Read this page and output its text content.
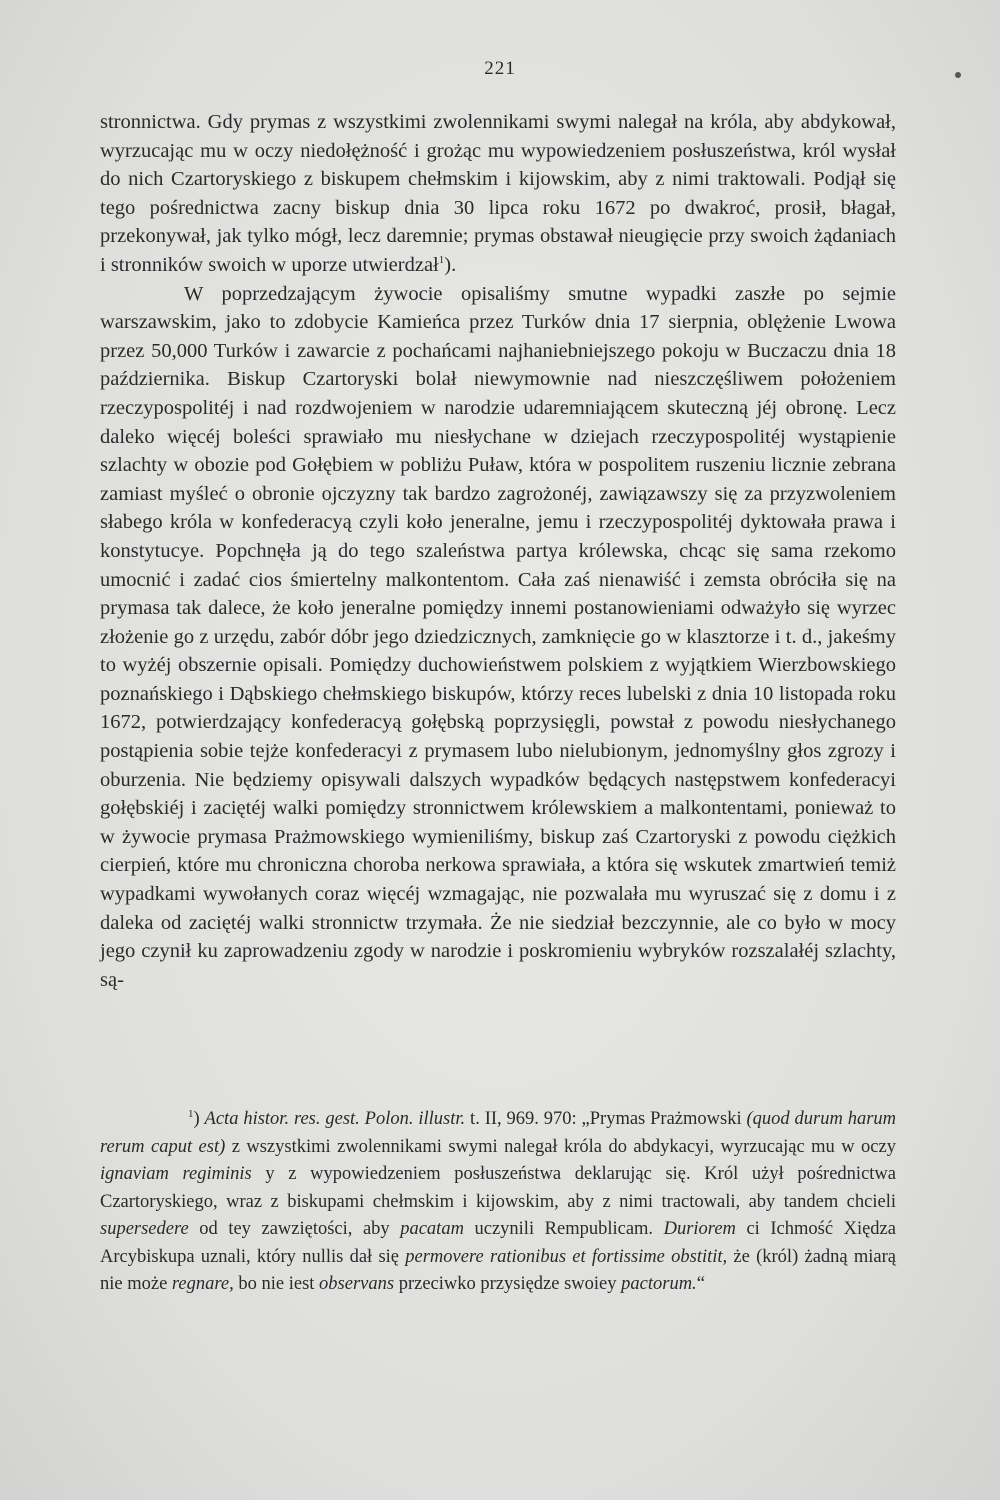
221

stronnictwa. Gdy prymas z wszystkimi zwolennikami swymi nalegał na króla, aby abdykował, wyrzucając mu w oczy niedołężność i grożąc mu wypowiedzeniem posłuszeństwa, król wysłał do nich Czartoryskiego z biskupem chełmskim i kijowskim, aby z nimi traktowali. Podjął się tego pośrednictwa zacny biskup dnia 30 lipca roku 1672 po dwakroć, prosił, błagał, przekonywał, jak tylko mógł, lecz daremnie; prymas obstawał nieugięcie przy swoich żądaniach i stronników swoich w uporze utwierdzał$^1$).

W poprzedzającym żywocie opisaliśmy smutne wypadki zaszłe po sejmie warszawskim, jako to zdobycie Kamieńca przez Turków dnia 17 sierpnia, oblężenie Lwowa przez 50,000 Turków i zawarcie z pochańcami najhaniebniejszego pokoju w Buczaczu dnia 18 października. Biskup Czartoryski bolał niewymownie nad nieszczęśliwem położeniem rzeczypospolitéj i nad rozdwojeniem w narodzie udaremniającem skuteczną jéj obronę. Lecz daleko więcéj boleści sprawiało mu niesłychane w dziejach rzeczypospolitéj wystąpienie szlachty w obozie pod Gołębiem w pobliżu Puław, która w pospolitem ruszeniu licznie zebrana zamiast myśleć o obronie ojczyzny tak bardzo zagrożonéj, zawiązawszy się za przyzwoleniem słabego króla w konfederacyą czyli koło jeneralne, jemu i rzeczypospolitéj dyktowała prawa i konstytucye. Popchnęła ją do tego szaleństwa partya królewska, chcąc się sama rzekomo umocnić i zadać cios śmiertelny malkontentom. Cała zaś nienawiść i zemsta obróciła się na prymasa tak dalece, że koło jeneralne pomiędzy innemi postanowieniami odważyło się wyrzec złożenie go z urzędu, zabór dóbr jego dziedzicznych, zamknięcie go w klasztorze i t. d., jakeśmy to wyżéj obszernie opisali. Pomiędzy duchowieństwem polskiem z wyjątkiem Wierzbowskiego poznańskiego i Dąbskiego chełmskiego biskupów, którzy reces lubelski z dnia 10 listopada roku 1672, potwierdzający konfederacyą gołębską poprzysięgli, powstał z powodu niesłychanego postąpienia sobie tejże konfederacyi z prymasem lubo nielubionym, jednomyślny głos zgrozy i oburzenia. Nie będziemy opisywali dalszych wypadków będących następstwem konfederacyi gołębskiéj i zaciętéj walki pomiędzy stronnictwem królewskiem a malkontentami, ponieważ to w żywocie prymasa Prażmowskiego wymieniliśmy, biskup zaś Czartoryski z powodu ciężkich cierpień, które mu chroniczna choroba nerkowa sprawiała, a która się wskutek zmartwień temiż wypadkami wywołanych coraz więcéj wzmagając, nie pozwalała mu wyruszać się z domu i z daleka od zaciętéj walki stronnictw trzymała. Że nie siedział bezczynnie, ale co było w mocy jego czynił ku zaprowadzeniu zgody w narodzie i poskromieniu wybryków rozszalałéj szlachty, są-

$^1$) Acta histor. res. gest. Polon. illustr. t. II, 969. 970: „Prymas Prażmowski (quod durum harum rerum caput est) z wszystkimi zwolennikami swymi nalegał króla do abdykacyi, wyrzucając mu w oczy ignaviam regiminis y z wypowiedzeniem posłuszeństwa deklarując się. Król użył pośrednictwa Czartoryskiego, wraz z biskupami chełmskim i kijowskim, aby z nimi tractowali, aby tandem chcieli supersedere od tey zawziętości, aby pacatam uczynili Rempublicam. Duriorem ci Ichmość Xiędza Arcybiskupa uznali, który nullis dał się permovere rationibus et fortissime obstitit, że (król) żadną miarą nie może regnare, bo nie iest observans przeciwko przysiędze swoiey pactorum.“
